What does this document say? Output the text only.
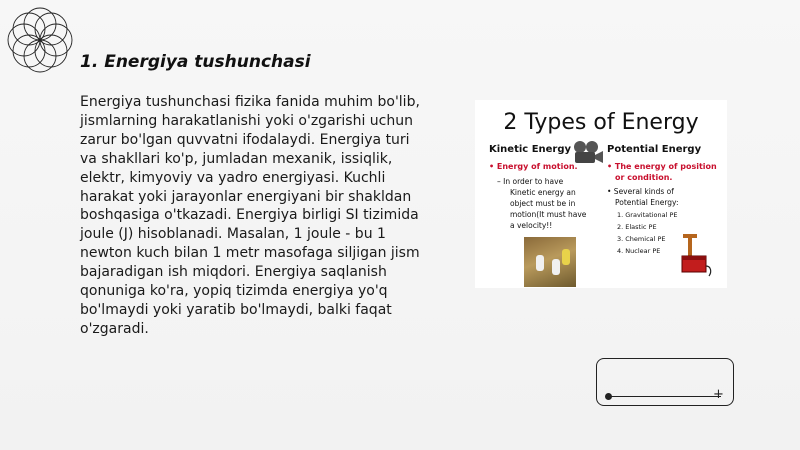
1. Energiya tushunchasi
Energiya tushunchasi fizika fanida muhim bo'lib, jismlarning harakatlanishi yoki o'zgarishi uchun zarur bo'lgan quvvatni ifodalaydi. Energiya turi va shakllari ko'p, jumladan mexanik, issiqlik, elektr, kimyoviy va yadro energiyasi. Kuchli harakat yoki jarayonlar energiyani bir shakldan boshqasiga o'tkazadi. Energiya birligi SI tizimida joule (J) hisoblanadi. Masalan, 1 joule - bu 1 newton kuch bilan 1 metr masofaga siljigan jism bajaradigan ish miqdori. Energiya saqlanish qonuniga ko'ra, yopiq tizimda energiya yo'q bo'lmaydi yoki yaratib bo'lmaydi, balki faqat o'zgaradi.
2 Types of Energy
Kinetic Energy	Potential Energy
• Energy of motion.
– In order to have
Kinetic energy an
object must be in
motion(It must have
a velocity!!
• The energy of position
or condition.
• Several kinds of
Potential Energy:
1. Gravitational PE
2. Elastic PE
3. Chemical PE
4. Nuclear PE
+
